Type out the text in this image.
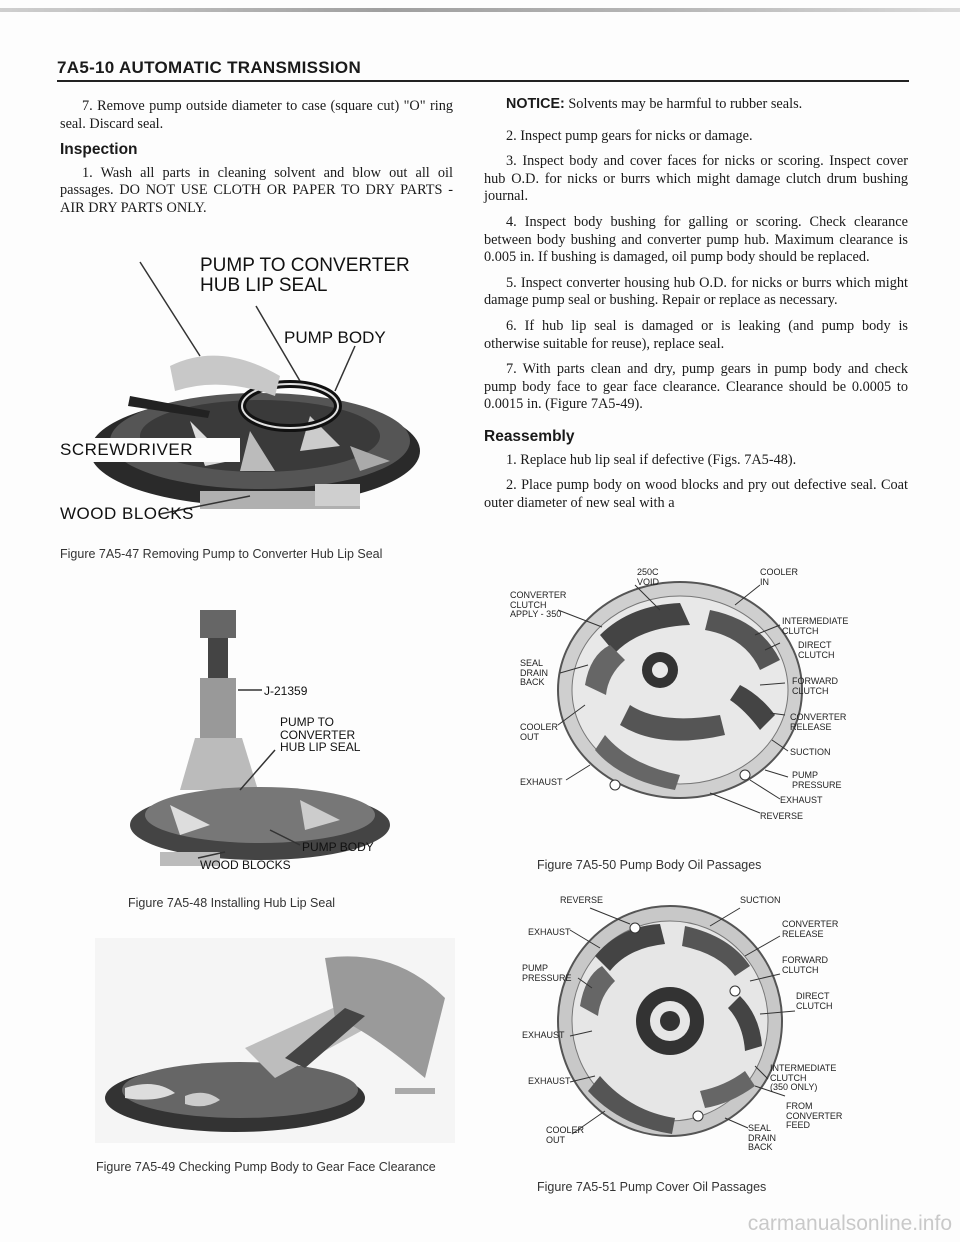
7A5-10 AUTOMATIC TRANSMISSION

7. Remove pump outside diameter to case (square cut) "O" ring seal. Discard seal.

Inspection

1. Wash all parts in cleaning solvent and blow out all oil passages. DO NOT USE CLOTH OR PAPER TO DRY PARTS - AIR DRY PARTS ONLY.

NOTICE: Solvents may be harmful to rubber seals.

2. Inspect pump gears for nicks or damage.

3. Inspect body and cover faces for nicks or scoring. Inspect cover hub O.D. for nicks or burrs which might damage clutch drum bushing journal.

4. Inspect body bushing for galling or scoring. Check clearance between body bushing and converter pump hub. Maximum clearance is 0.005 in. If bushing is damaged, oil pump body should be replaced.

5. Inspect converter housing hub O.D. for nicks or burrs which might damage pump seal or bushing. Repair or replace as necessary.

6. If hub lip seal is damaged or is leaking (and pump body is otherwise suitable for reuse), replace seal.

7. With parts clean and dry, pump gears in pump body and check pump body face to gear face clearance. Clearance should be 0.0005 to 0.0015 in. (Figure 7A5-49).

Reassembly

1. Replace hub lip seal if defective (Figs. 7A5-48).

2. Place pump body on wood blocks and pry out defective seal. Coat outer diameter of new seal with a

PUMP TO CONVERTER
HUB LIP SEAL
PUMP BODY
SCREWDRIVER
WOOD BLOCKS
Figure 7A5-47 Removing Pump to Converter Hub Lip Seal
J-21359
PUMP TO
CONVERTER
HUB LIP SEAL
PUMP BODY
WOOD BLOCKS
Figure 7A5-48 Installing Hub Lip Seal
Figure 7A5-49 Checking Pump Body to Gear Face Clearance
250C
VOID
COOLER
IN
CONVERTER
CLUTCH
APPLY - 350
INTERMEDIATE
CLUTCH
DIRECT
CLUTCH
SEAL
DRAIN
BACK	FORWARD
CLUTCH
COOLER
OUT
CONVERTER
RELEASE
SUCTION
EXHAUST
PUMP
PRESSURE
EXHAUST
REVERSE
Figure 7A5-50 Pump Body Oil Passages
REVERSE	SUCTION
EXHAUST
CONVERTER
RELEASE
FORWARD
CLUTCH
PUMP
PRESSURE
DIRECT
CLUTCH
EXHAUST
INTERMEDIATE
CLUTCH
(350 ONLY)
EXHAUST
FROM
CONVERTER
FEED
COOLER
OUT
SEAL
DRAIN
BACK
Figure 7A5-51 Pump Cover Oil Passages
carmanualsonline.info
